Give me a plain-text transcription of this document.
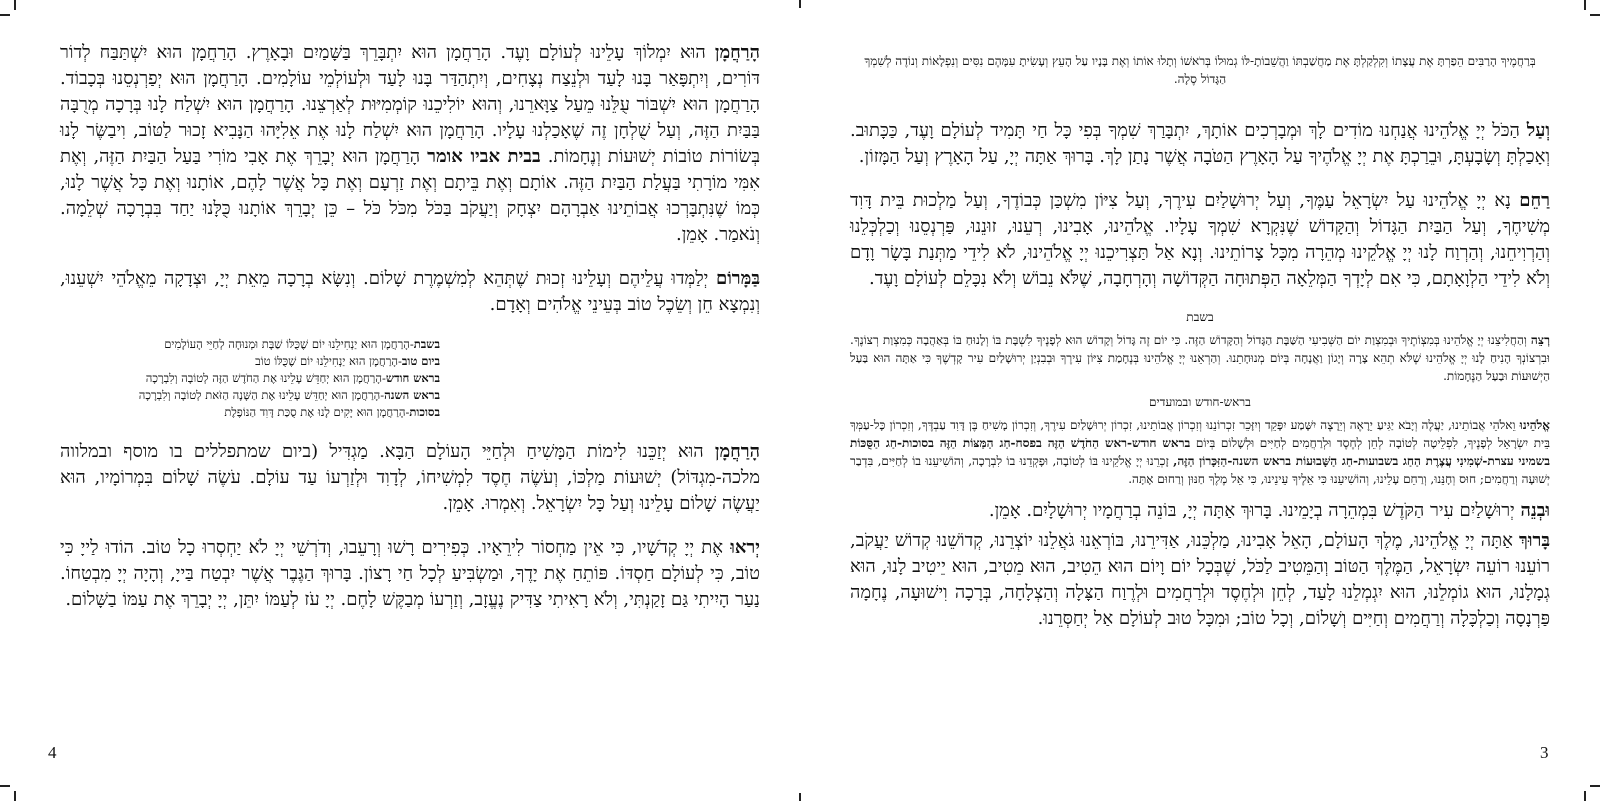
הָרַחֲמָן הוּא יִמְלוֹךְ עָלֵינוּ לְעוֹלָם וָעֶד. הָרַחֲמָן הוּא יִתְבָּרֵךְ בַּשָּׁמַיִם וּבָאָרֶץ. הָרַחֲמָן הוּא יִשְׁתַּבַּח לְדוֹר דּוֹרִים, וְיִתְפָּאַר בָּנוּ לָעַד וּלְנֵצַח נְצָחִים, וְיִתְהַדַּר בָּנוּ לָעַד וּלְעוֹלְמֵי עוֹלָמִים. הָרַחֲמָן הוּא יְפַרְנְסֵנוּ בְּכָבוֹד. הָרַחֲמָן הוּא יִשְׁבּוֹר עֻלֵּנוּ מֵעַל צַוָּארֵנוּ, וְהוּא יוֹלִיכֵנוּ קוֹמְמִיּוּת לְאַרְצֵנוּ. הָרַחֲמָן הוּא יִשְׁלַח לָנוּ בְּרָכָה מְרֻבָּה בַּבַּיִת הַזֶּה, וְעַל שֻׁלְחָן זֶה שֶׁאָכַלְנוּ עָלָיו. הָרַחֲמָן הוּא יִשְׁלַח לָנוּ אֶת אֵלִיָּהוּ הַנָּבִיא זָכוּר לַטּוֹב, וִיבַשֶּׂר לָנוּ בְּשׂוֹרוֹת טוֹבוֹת יְשׁוּעוֹת וְנֶחָמוֹת. בבית אביו אומר הָרַחֲמָן הוּא יְבָרֵךְ אֶת אָבִי מוֹרִי בַּעַל הַבַּיִת הַזֶּה, וְאֶת אִמִּי מוֹרָתִי בַּעֲלַת הַבַּיִת הַזֶּה. אוֹתָם וְאֶת בֵּיתָם וְאֶת זַרְעָם וְאֶת כָּל אֲשֶׁר לָהֶם, אוֹתָנוּ וְאֶת כָּל אֲשֶׁר לָנוּ, כְּמוֹ שֶׁנִּתְבָּרְכוּ אֲבוֹתֵינוּ אַבְרָהָם יִצְחָק וְיַעֲקֹב בַּכֹּל מִכֹּל כֹּל – כֵּן יְבָרֵךְ אוֹתָנוּ כֻּלָּנוּ יַחַד בִּבְרָכָה שְׁלֵמָה. וְנֹאמַר. אָמֵן.

בַּמָּרוֹם יְלַמְּדוּ עֲלֵיהֶם וְעָלֵינוּ זְכוּת שֶׁתְּהֵא לְמִשְׁמֶרֶת שָׁלוֹם. וְנִשָּׂא בְרָכָה מֵאֵת יְיָ, וּצְדָקָה מֵאֱלֹהֵי יִשְׁעֵנוּ, וְנִמְצָא חֵן וְשֵׂכֶל טוֹב בְּעֵינֵי אֱלֹהִים וְאָדָם.

בשבת-הָרַחֲמָן הוּא יַנְחִילֵנוּ יוֹם שֶׁכֻּלּוֹ שַׁבָּת וּמְנוּחָה לְחַיֵּי הָעוֹלָמִים

ביום טוב-הָרַחֲמָן הוּא יַנְחִילֵנוּ יוֹם שֶׁכֻּלּוֹ טוֹב

בראש חודש-הָרַחֲמָן הוּא יְחַדֵּשׁ עָלֵינוּ אֶת הַחֹדֶשׁ הַזֶּה לְטוֹבָה וְלִבְרָכָה

בראש השנה-הָרַחֲמָן הוּא יְחַדֵּשׁ עָלֵינוּ אֶת הַשָּׁנָה הַזֹּאת לְטוֹבָה וְלִבְרָכָה

בסוכות-הָרַחֲמָן הוּא יָקִים לָנוּ אֶת סֻכַּת דָּוִד הַנּוֹפֶלֶת

הָרַחֲמָן הוּא יְזַכֵּנוּ לִימוֹת הַמָּשִׁיחַ וּלְחַיֵּי הָעוֹלָם הַבָּא. מַגְדִּיל (ביום שמתפללים בו מוסף ובמלווה מלכה-מִגְדּוֹל) יְשׁוּעוֹת מַלְכּוֹ, וְעֹשֶׂה חֶסֶד לִמְשִׁיחוֹ, לְדָוִד וּלְזַרְעוֹ עַד עוֹלָם. עֹשֶׂה שָׁלוֹם בִּמְרוֹמָיו, הוּא יַעֲשֶׂה שָׁלוֹם עָלֵינוּ וְעַל כָּל יִשְׂרָאֵל. וְאִמְרוּ. אָמֵן.

יְראוּ אֶת יְיָ קְדֹשָׁיו, כִּי אֵין מַחְסוֹר לִירֵאָיו. כְּפִירִים רָשׁוּ וְרָעֵבוּ, וְדֹרְשֵׁי יְיָ לֹא יַחְסְרוּ כָל טוֹב. הוֹדוּ לַייָ כִּי טוֹב, כִּי לְעוֹלָם חַסְדּוֹ. פּוֹתֵחַ אֶת יָדֶךָ, וּמַשְׂבִּיעַ לְכָל חַי רָצוֹן. בָּרוּךְ הַגֶּבֶר אֲשֶׁר יִבְטַח בַּייָ, וְהָיָה יְיָ מִבְטַחוֹ. נַעַר הָיִיתִי גַּם זָקַנְתִּי, וְלֹא רָאִיתִי צַדִּיק נֶעֱזָב, וְזַרְעוֹ מְבַקֶּשׁ לָחֶם. יְיָ עֹז לְעַמּוֹ יִתֵּן, יְיָ יְבָרֵךְ אֶת עַמּוֹ בַשָּׁלוֹם.

4

בְּרַחֲמֶיךָ הָרַבִּים הֵפַרְתָּ אֶת עֲצָתוֹ וְקִלְקַלְתָּ אֶת מַחֲשַׁבְתּוֹ וַהֲשֵׁבוֹתָ-לּוֹ גְמוּלוֹ בְּרֹאשׁוֹ וְתָלוּ אוֹתוֹ וְאֶת בָּנָיו עַל הָעֵץ וְעָשִׂיתָ עִמָּהֶם נִסִּים וְנִפְלָאוֹת וְנוֹדֶה לְשִׁמְךָ הַגָּדוֹל סֶלָה.

וְעַל הַכֹּל יְיָ אֱלֹהֵינוּ אֲנַחְנוּ מוֹדִים לָךְ וּמְבָרְכִים אוֹתָךְ, יִתְבָּרַךְ שִׁמְךָ בְּפִי כָּל חַי תָּמִיד לְעוֹלָם וָעֶד, כַּכָּתוּב. וְאָכַלְתָּ וְשָׂבָעְתָּ, וּבֵרַכְתָּ אֶת יְיָ אֱלֹהֶיךָ עַל הָאָרֶץ הַטֹּבָה אֲשֶׁר נָתַן לָךְ. בָּרוּךְ אַתָּה יְיָ, עַל הָאָרֶץ וְעַל הַמָּזוֹן.

רַחֵם נָא יְיָ אֱלֹהֵינוּ עַל יִשְׂרָאֵל עַמֶּךָ, וְעַל יְרוּשָׁלַיִם עִירֶךָ, וְעַל צִיּוֹן מִשְׁכַּן כְּבוֹדֶךָ, וְעַל מַלְכוּת בֵּית דָּוִד מְשִׁיחֶךָ, וְעַל הַבַּיִת הַגָּדוֹל וְהַקָּדוֹשׁ שֶׁנִּקְרָא שִׁמְךָ עָלָיו. אֱלֹהֵינוּ, אָבִינוּ, רְעֵנוּ, זוּנֵנוּ, פַּרְנְסֵנוּ וְכַלְכְּלֵנוּ וְהַרְוִיחֵנוּ, וְהַרְוַח לָנוּ יְיָ אֱלֹקֵינוּ מְהֵרָה מִכָּל צָרוֹתֵינוּ. וְנָא אַל תַּצְרִיכֵנוּ יְיָ אֱלֹהֵינוּ, לֹא לִידֵי מַתְּנַת בָּשָׂר וָדָם וְלֹא לִידֵי הַלְוָאָתָם, כִּי אִם לְיָדְךָ הַמְּלֵאָה הַפְּתוּחָה הַקְּדוֹשָׁה וְהָרְחָבָה, שֶׁלֹּא נֵבוֹשׁ וְלֹא נִכָּלֵם לְעוֹלָם וָעֶד.

בשבת

רְצֵה וְהַחֲלִיצֵנוּ יְיָ אֱלֹהֵינוּ בְּמִצְוֹתֶיךָ וּבְמִצְוַת יוֹם הַשְּׁבִיעִי הַשַּׁבָּת הַגָּדוֹל וְהַקָּדוֹשׁ הַזֶּה. כִּי יוֹם זֶה גָּדוֹל וְקָדוֹשׁ הוּא לְפָנֶיךָ לִשְׁבָּת בּוֹ וְלָנוּחַ בּוֹ בְּאַהֲבָה כְּמִצְוַת רְצוֹנֶךָ. וּבִרְצוֹנְךָ הָנִיחַ לָנוּ יְיָ אֱלֹהֵינוּ שֶׁלֹּא תְהֵא צָרָה וְיָגוֹן וַאֲנָחָה בְּיוֹם מְנוּחָתֵנוּ. וְהַרְאֵנוּ יְיָ אֱלֹהֵינוּ בְּנֶחָמַת צִיּוֹן עִירֶךָ וּבְבִנְיַן יְרוּשָׁלַיִם עִיר קָדְשֶׁךָ כִּי אַתָּה הוּא בַּעַל הַיְשׁוּעוֹת וּבַעַל הַנֶּחָמוֹת.

בראש-חודש ובמועדים

אֱלֹהֵינוּ וֵאלֹהֵי אֲבוֹתֵינוּ, יַעֲלֶה וְיָבֹא יַגִּיעַ יֵרָאֶה וְיֵרָצֶה יִשָּׁמַע יִפָּקֵד וְיִזָּכֵר זִכְרוֹנֵנוּ וְזִכְרוֹן אֲבוֹתֵינוּ, זִכְרוֹן יְרוּשָׁלַיִם עִירֶךָ, וְזִכְרוֹן מָשִׁיחַ בֶּן דָּוִד עַבְדֶּךָ, וְזִכְרוֹן כָּל-עַמְּךָ בֵּית יִשְׂרָאֵל לְפָנֶיךָ, לִפְלֵיטָה לְטוֹבָה לְחֵן לְחֶסֶד וּלְרַחֲמִים לְחַיִּים וּלְשָׁלוֹם בְּיוֹם בראש חודש-ראש הַחֹדֶשׁ הַזֶּה בפסח-חַג הַמַּצּוֹת הַזֶּה בסוכות-חַג הַסֻּכּוֹת בשמיני עצרת-שְׁמִינִי עֲצֶרֶת הַחַג בשבועות-חַג הַשָּׁבוּעוֹת בראש השנה-הַזִּכָּרוֹן הַזֶּה, זָכְרֵנוּ יְיָ אֱלֹקֵינוּ בּוֹ לְטוֹבָה, וּפָקְדֵנוּ בוֹ לִבְרָכָה, וְהוֹשִׁיעֵנוּ בוֹ לְחַיִּים, בִּדְבַר יְשׁוּעָה וְרַחֲמִים; חוּס וְחָנֵּנוּ, וְרַחֵם עָלֵינוּ, וְהוֹשִׁיעֵנוּ כִּי אֵלֶיךָ עֵינֵינוּ, כִּי אֵל מֶלֶךְ חַנּוּן וְרַחוּם אָתָּה.

וּבְנֵה יְרוּשָׁלַיִם עִיר הַקֹּדֶשׁ בִּמְהֵרָה בְיָמֵינוּ. בָּרוּךְ אַתָּה יְיָ, בּוֹנֵה בְרַחֲמָיו יְרוּשָׁלָיִם. אָמֵן.

בָּרוּךְ אַתָּה יְיָ אֱלֹהֵינוּ, מֶלֶךְ הָעוֹלָם, הָאֵל אָבִינוּ, מַלְכֵּנוּ, אַדִּירֵנוּ, בּוֹרְאֵנוּ גֹּאֲלֵנוּ יוֹצְרֵנוּ, קְדוֹשֵׁנוּ קְדוֹשׁ יַעֲקֹב, רוֹעֵנוּ רוֹעֵה יִשְׂרָאֵל, הַמֶּלֶךְ הַטּוֹב וְהַמֵּטִיב לַכֹּל, שֶׁבְּכָל יוֹם וָיוֹם הוּא הֵטִיב, הוּא מֵטִיב, הוּא יֵיטִיב לָנוּ, הוּא גְמָלָנוּ, הוּא גוֹמְלֵנוּ, הוּא יִגְמְלֵנוּ לָעַד, לְחֵן וּלְחֶסֶד וּלְרַחֲמִים וּלְרֶוַח הַצָּלָה וְהַצְלָחָה, בְּרָכָה וִישׁוּעָה, נֶחָמָה פַּרְנָסָה וְכַלְכָּלָה וְרַחֲמִים וְחַיִּים וְשָׁלוֹם, וְכָל טוֹב; וּמִכָּל טוּב לְעוֹלָם אַל יְחַסְּרֵנוּ.

3
